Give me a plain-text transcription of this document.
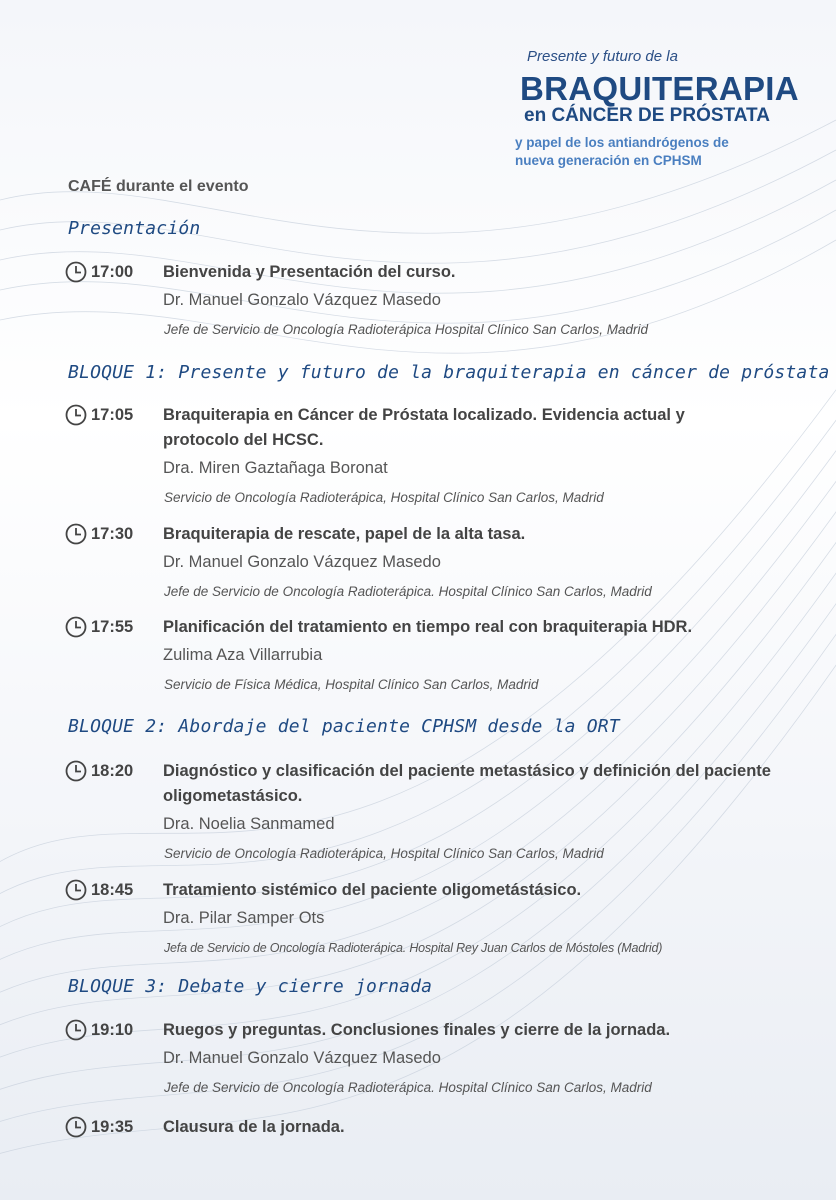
Presente y futuro de la
BRAQUITERAPIA
en CÁNCER DE PRÓSTATA
y papel de los antiandrógenos de
nueva generación en CPHSM
CAFÉ durante el evento
Presentación
BLOQUE 1: Presente y futuro de la braquiterapia en cáncer de próstata
BLOQUE 2: Abordaje del paciente CPHSM desde la ORT
BLOQUE 3: Debate y cierre jornada
17:00 Bienvenida y Presentación del curso.
Dr. Manuel Gonzalo Vázquez Masedo
Jefe de Servicio de Oncología Radioterápica Hospital Clínico San Carlos, Madrid
17:05 Braquiterapia en Cáncer de Próstata localizado. Evidencia actual y protocolo del HCSC.
Dra. Miren Gaztañaga Boronat
Servicio de Oncología Radioterápica, Hospital Clínico San Carlos, Madrid
17:30 Braquiterapia de rescate, papel de la alta tasa.
Dr. Manuel Gonzalo Vázquez Masedo
Jefe de Servicio de Oncología Radioterápica. Hospital Clínico San Carlos, Madrid
17:55 Planificación del tratamiento en tiempo real con braquiterapia HDR.
Zulima Aza Villarrubia
Servicio de Física Médica, Hospital Clínico San Carlos, Madrid
18:20 Diagnóstico y clasificación del paciente metastásico y definición del paciente oligometastásico.
Dra. Noelia Sanmamed
Servicio de Oncología Radioterápica, Hospital Clínico San Carlos, Madrid
18:45 Tratamiento sistémico del paciente oligometástásico.
Dra. Pilar Samper Ots
Jefa de Servicio de Oncología Radioterápica. Hospital Rey Juan Carlos de Móstoles (Madrid)
19:10 Ruegos y preguntas. Conclusiones finales y cierre de la jornada.
Dr. Manuel Gonzalo Vázquez Masedo
Jefe de Servicio de Oncología Radioterápica. Hospital Clínico San Carlos, Madrid
19:35 Clausura de la jornada.
